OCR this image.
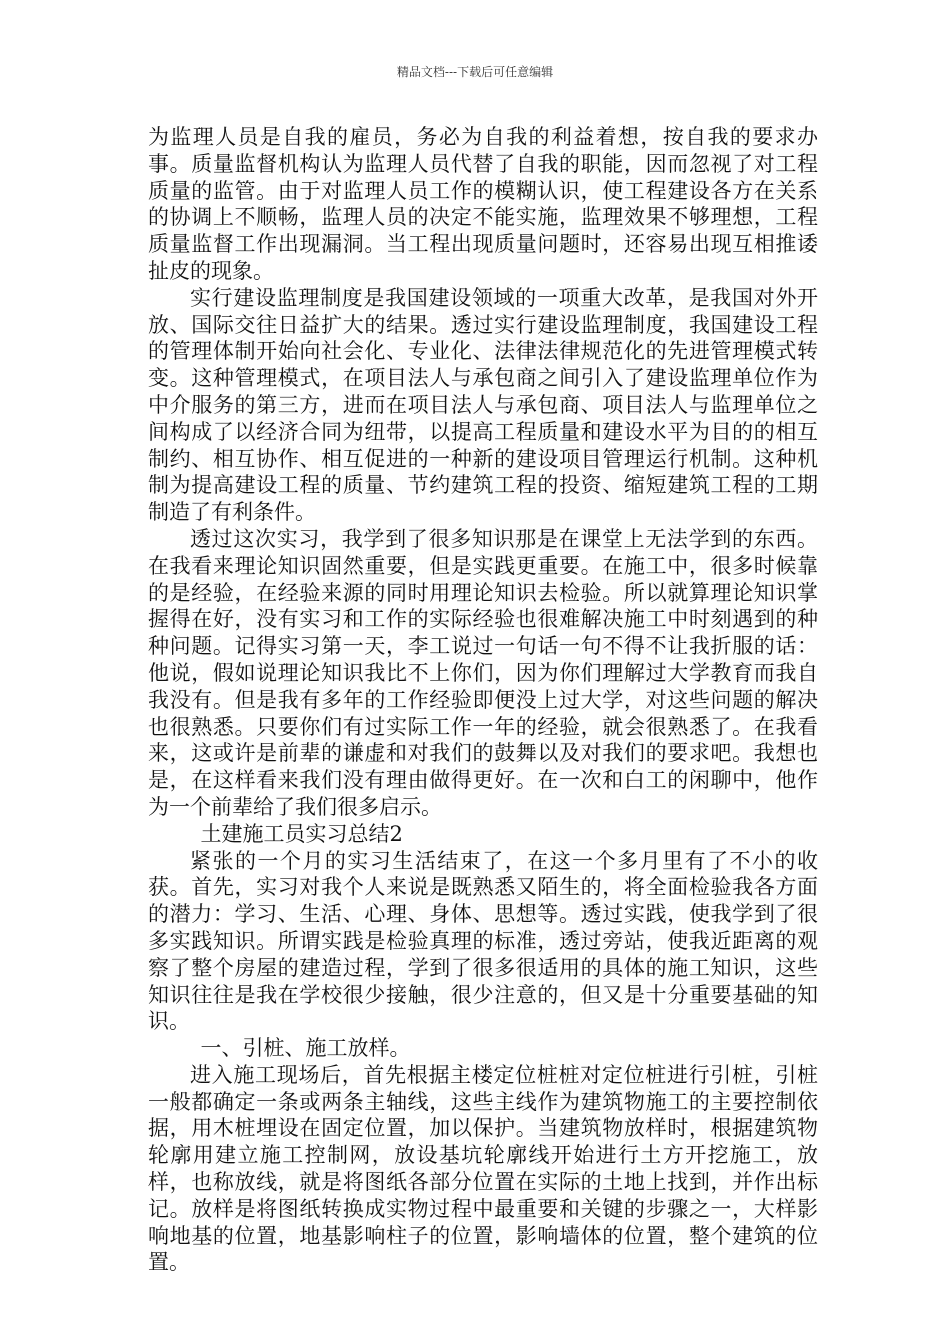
精品文档---下载后可任意编辑

为监理人员是自我的雇员，务必为自我的利益着想，按自我的要求办事。质量监督机构认为监理人员代替了自我的职能，因而忽视了对工程质量的监管。由于对监理人员工作的模糊认识，使工程建设各方在关系的协调上不顺畅，监理人员的决定不能实施，监理效果不够理想，工程质量监督工作出现漏洞。当工程出现质量问题时，还容易出现互相推诿扯皮的现象。

实行建设监理制度是我国建设领域的一项重大改革，是我国对外开放、国际交往日益扩大的结果。透过实行建设监理制度，我国建设工程的管理体制开始向社会化、专业化、法律法律规范化的先进管理模式转变。这种管理模式，在项目法人与承包商之间引入了建设监理单位作为中介服务的第三方，进而在项目法人与承包商、项目法人与监理单位之间构成了以经济合同为纽带，以提高工程质量和建设水平为目的的相互制约、相互协作、相互促进的一种新的建设项目管理运行机制。这种机制为提高建设工程的质量、节约建筑工程的投资、缩短建筑工程的工期制造了有利条件。

透过这次实习，我学到了很多知识那是在课堂上无法学到的东西。在我看来理论知识固然重要，但是实践更重要。在施工中，很多时候靠的是经验，在经验来源的同时用理论知识去检验。所以就算理论知识掌握得在好，没有实习和工作的实际经验也很难解决施工中时刻遇到的种种问题。记得实习第一天，李工说过一句话一句不得不让我折服的话：他说，假如说理论知识我比不上你们，因为你们理解过大学教育而我自我没有。但是我有多年的工作经验即便没上过大学，对这些问题的解决也很熟悉。只要你们有过实际工作一年的经验，就会很熟悉了。在我看来，这或许是前辈的谦虚和对我们的鼓舞以及对我们的要求吧。我想也是，在这样看来我们没有理由做得更好。在一次和白工的闲聊中，他作为一个前辈给了我们很多启示。

土建施工员实习总结2

紧张的一个月的实习生活结束了，在这一个多月里有了不小的收获。首先，实习对我个人来说是既熟悉又陌生的，将全面检验我各方面的潜力：学习、生活、心理、身体、思想等。透过实践，使我学到了很多实践知识。所谓实践是检验真理的标准，透过旁站，使我近距离的观察了整个房屋的建造过程，学到了很多很适用的具体的施工知识，这些知识往往是我在学校很少接触，很少注意的，但又是十分重要基础的知识。

一、引桩、施工放样。

进入施工现场后，首先根据主楼定位桩桩对定位桩进行引桩，引桩一般都确定一条或两条主轴线，这些主线作为建筑物施工的主要控制依据，用木桩埋设在固定位置，加以保护。当建筑物放样时，根据建筑物轮廓用建立施工控制网，放设基坑轮廓线开始进行土方开挖施工，放样，也称放线，就是将图纸各部分位置在实际的土地上找到，并作出标记。放样是将图纸转换成实物过程中最重要和关键的步骤之一，大样影响地基的位置，地基影响柱子的位置，影响墙体的位置，整个建筑的位置。
